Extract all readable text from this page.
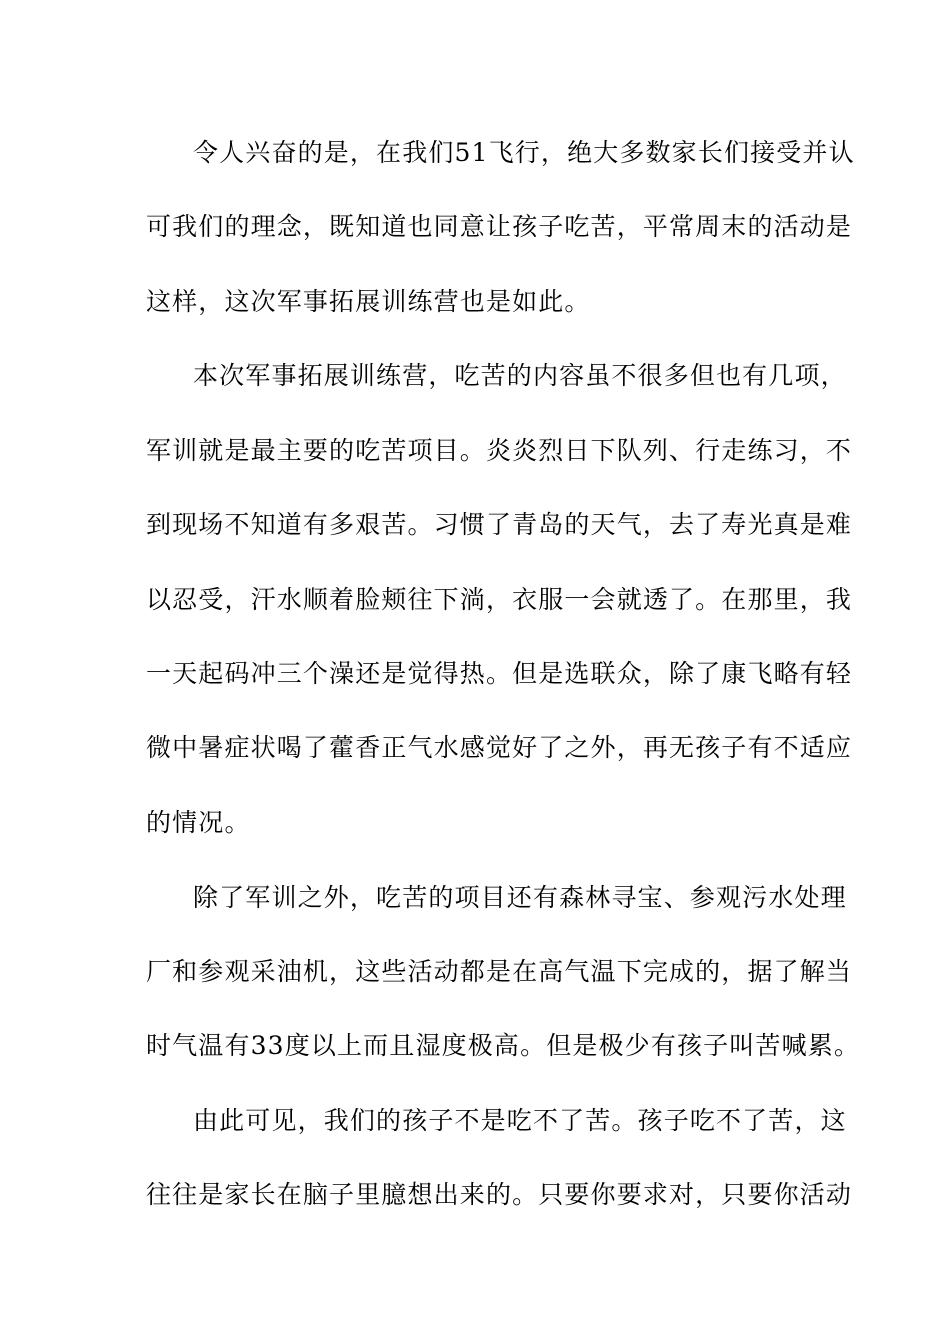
令人兴奋的是，在我们51飞行，绝大多数家长们接受并认
可我们的理念，既知道也同意让孩子吃苦，平常周末的活动是
这样，这次军事拓展训练营也是如此。
本次军事拓展训练营，吃苦的内容虽不很多但也有几项，
军训就是最主要的吃苦项目。炎炎烈日下队列、行走练习，不
到现场不知道有多艰苦。习惯了青岛的天气，去了寿光真是难
以忍受，汗水顺着脸颊往下淌，衣服一会就透了。在那里，我
一天起码冲三个澡还是觉得热。但是选联众，除了康飞略有轻
微中暑症状喝了藿香正气水感觉好了之外，再无孩子有不适应
的情况。
除了军训之外，吃苦的项目还有森林寻宝、参观污水处理
厂和参观采油机，这些活动都是在高气温下完成的，据了解当
时气温有33度以上而且湿度极高。但是极少有孩子叫苦喊累。
由此可见，我们的孩子不是吃不了苦。孩子吃不了苦，这
往往是家长在脑子里臆想出来的。只要你要求对，只要你活动
